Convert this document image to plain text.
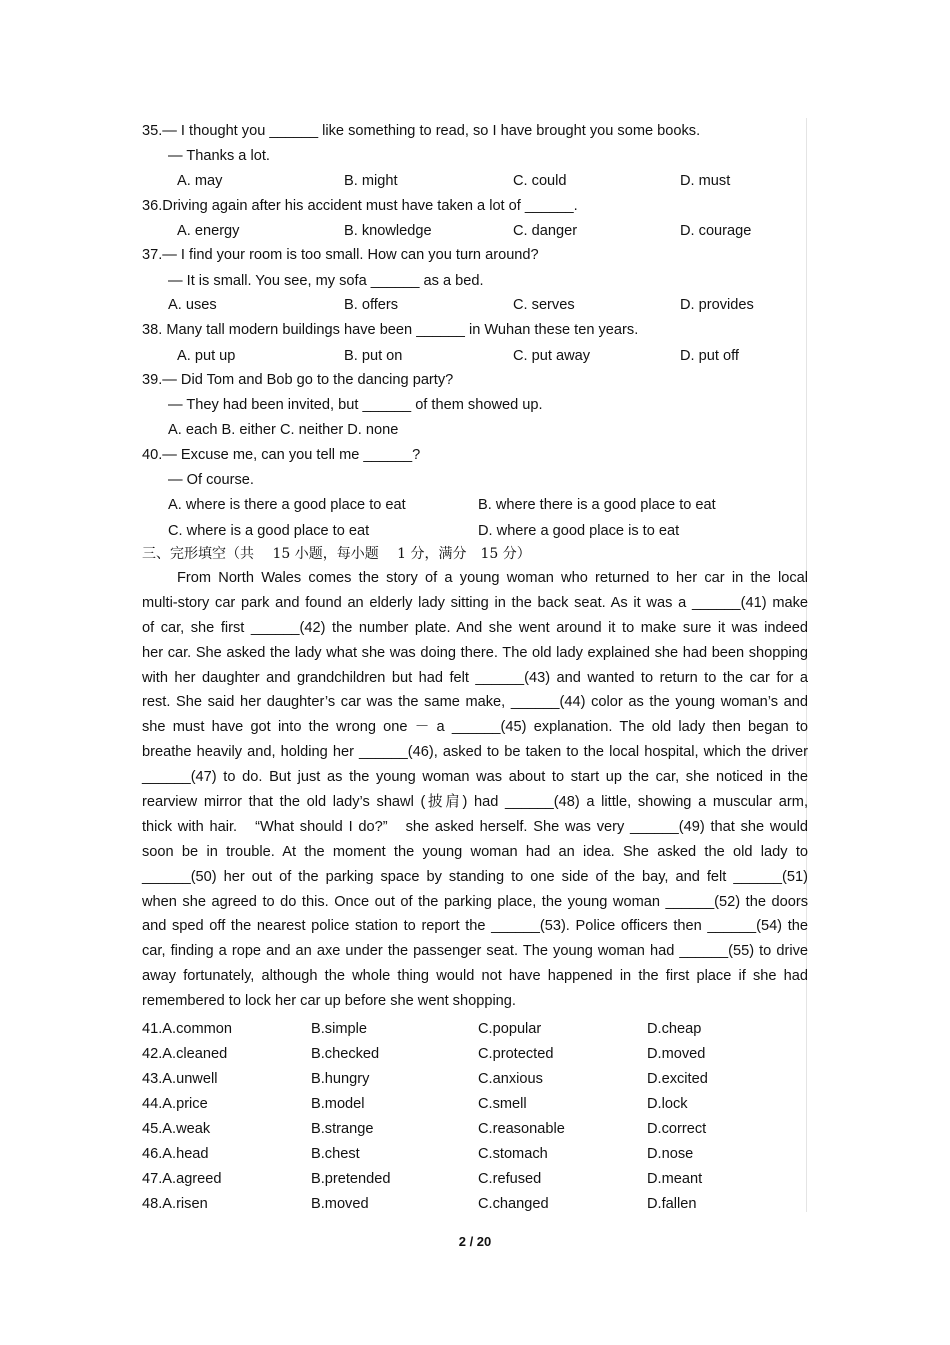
35.— I thought you ______ like something to read, so I have brought you some books.
— Thanks a lot.
A. may	B. might	C. could	D. must
36.Driving again after his accident must have taken a lot of ______.
A. energy	B. knowledge	C. danger	D. courage
37.— I find your room is too small. How can you turn around?
— It is small. You see, my sofa ______ as a bed.
A. uses	B. offers	C. serves	D. provides
38. Many tall modern buildings have been ______ in Wuhan these ten years.
A. put up	B. put on	C. put away	D. put off
39.— Did Tom and Bob go to the dancing party?
— They had been invited, but ______ of them showed up.
A. each B. either C. neither D. none
40.— Excuse me, can you tell me ______?
— Of course.
A. where is there a good place to eat	B. where there is a good place to eat
C. where is a good place to eat	D. where a good place is to eat
三、完形填空（共　 15 小题，每小题　 1 分，满分　15 分）
From North Wales comes the story of a young woman who returned to her car in the local
multi-story car park and found an elderly lady sitting in the back seat. As it was a ______(41) make
of car, she first ______(42) the number plate. And she went around it to make sure it was indeed
her car. She asked the lady what she was doing there. The old lady explained she had been shopping
with her daughter and grandchildren but had felt ______(43) and wanted to return to the car for a
rest. She said her daughter’s car was the same make, ______(44) color as the young woman’s and
she must have got into the wrong one － a ______(45) explanation. The old lady then began to
breathe heavily and, holding her ______(46), asked to be taken to the local hospital, which the driver
______(47) to do. But just as the young woman was about to start up the car, she noticed in the
rearview mirror that the old lady’s shawl (披肩) had ______(48) a little, showing a muscular arm,
thick with hair.　“What should I do?”　she asked herself. She was very ______(49) that she would
soon be in trouble. At the moment the young woman had an idea. She asked the old lady to
______(50) her out of the parking space by standing to one side of the bay, and felt ______(51)
when she agreed to do this. Once out of the parking place, the young woman ______(52) the doors
and sped off the nearest police station to report the ______(53). Police officers then ______(54) the
car, finding a rope and an axe under the passenger seat. The young woman had ______(55) to drive
away fortunately, although the whole thing would not have happened in the first place if she had
remembered to lock her car up before she went shopping.
41.A.common	B.simple	C.popular	D.cheap
42.A.cleaned	B.checked	C.protected	D.moved
43.A.unwell	B.hungry	C.anxious	D.excited
44.A.price	B.model	C.smell	D.lock
45.A.weak	B.strange	C.reasonable	D.correct
46.A.head	B.chest	C.stomach	D.nose
47.A.agreed	B.pretended	C.refused	D.meant
48.A.risen	B.moved	C.changed	D.fallen
2 / 20
